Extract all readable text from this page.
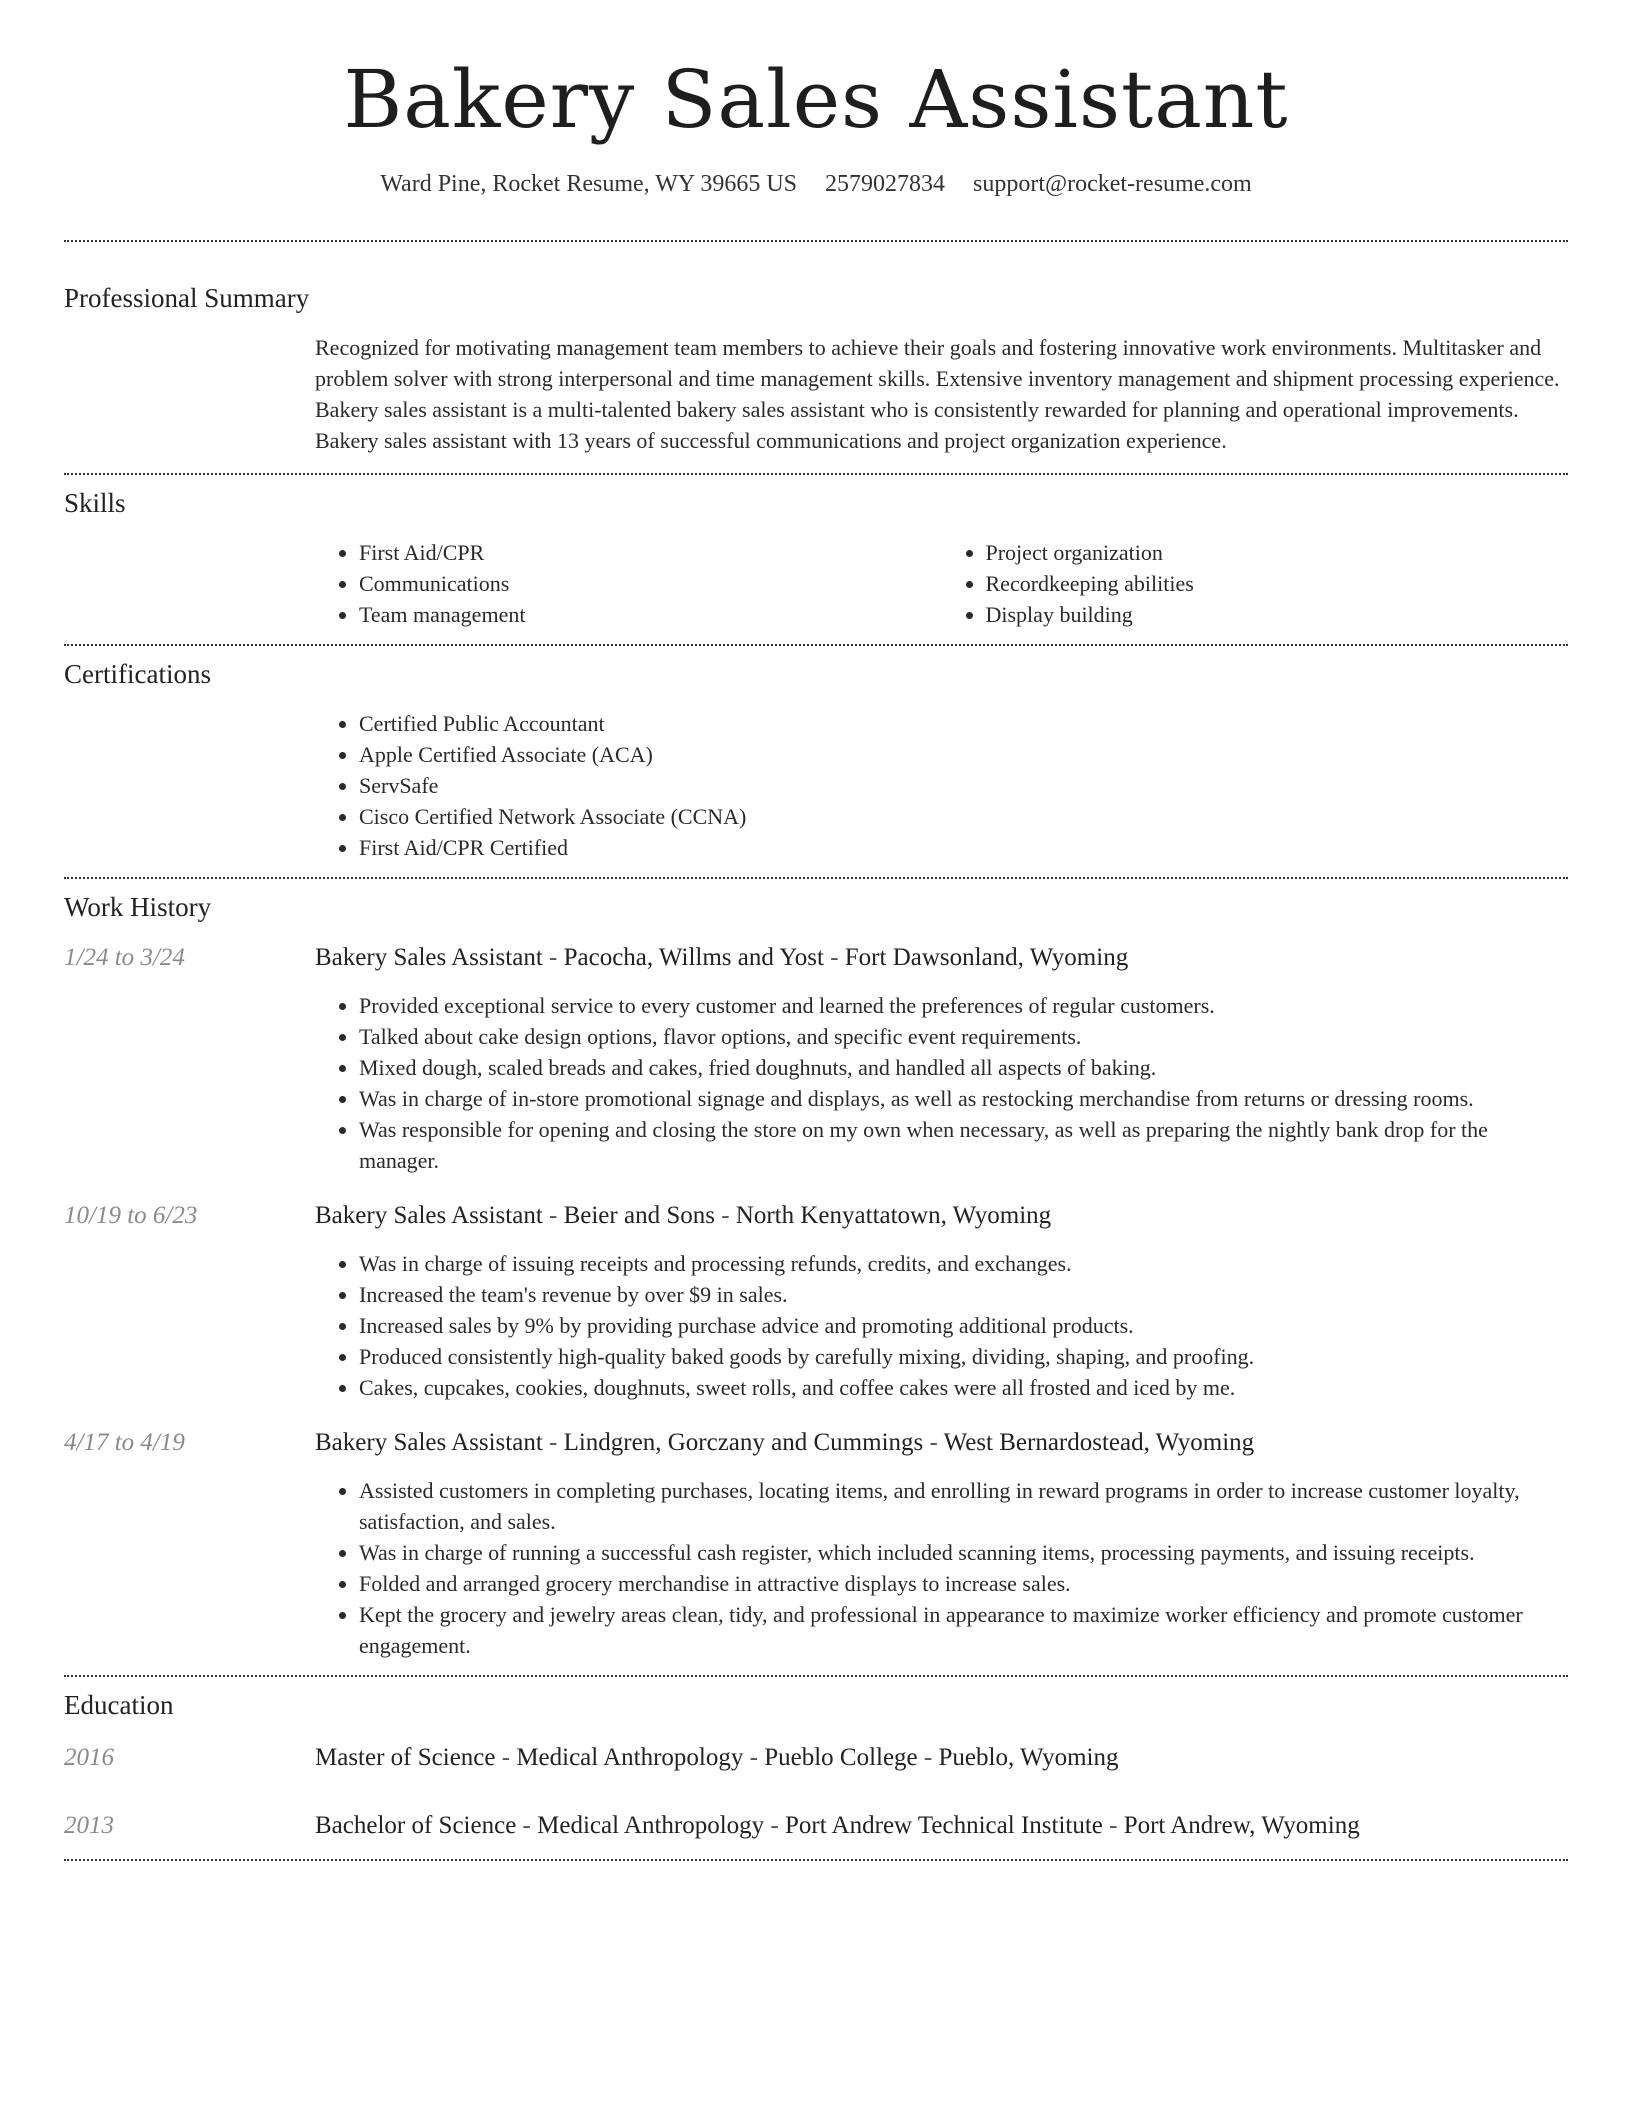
Bakery Sales Assistant
Ward Pine, Rocket Resume, WY 39665 US 2579027834 support@rocket-resume.com
Professional Summary

Recognized for motivating management team members to achieve their goals and fostering innovative work environments. Multitasker and problem solver with strong interpersonal and time management skills. Extensive inventory management and shipment processing experience. Bakery sales assistant is a multi-talented bakery sales assistant who is consistently rewarded for planning and operational improvements. Bakery sales assistant with 13 years of successful communications and project organization experience.

Skills
• First Aid/CPR
• Communications
• Team management
• Project organization
• Recordkeeping abilities
• Display building
Certifications
• Certified Public Accountant
• Apple Certified Associate (ACA)
• ServSafe
• Cisco Certified Network Associate (CCNA)
• First Aid/CPR Certified
Work History
1/24 to 3/24	Bakery Sales Assistant - Pacocha, Willms and Yost - Fort Dawsonland, Wyoming
• Provided exceptional service to every customer and learned the preferences of regular customers.
• Talked about cake design options, flavor options, and specific event requirements.
• Mixed dough, scaled breads and cakes, fried doughnuts, and handled all aspects of baking.
• Was in charge of in-store promotional signage and displays, as well as restocking merchandise from returns or dressing rooms.
• Was responsible for opening and closing the store on my own when necessary, as well as preparing the nightly bank drop for the manager.
10/19 to 6/23	Bakery Sales Assistant - Beier and Sons - North Kenyattatown, Wyoming
• Was in charge of issuing receipts and processing refunds, credits, and exchanges.
• Increased the team's revenue by over $9 in sales.
• Increased sales by 9% by providing purchase advice and promoting additional products.
• Produced consistently high-quality baked goods by carefully mixing, dividing, shaping, and proofing.
• Cakes, cupcakes, cookies, doughnuts, sweet rolls, and coffee cakes were all frosted and iced by me.
4/17 to 4/19	Bakery Sales Assistant - Lindgren, Gorczany and Cummings - West Bernardostead, Wyoming
• Assisted customers in completing purchases, locating items, and enrolling in reward programs in order to increase customer loyalty, satisfaction, and sales.
• Was in charge of running a successful cash register, which included scanning items, processing payments, and issuing receipts.
• Folded and arranged grocery merchandise in attractive displays to increase sales.
• Kept the grocery and jewelry areas clean, tidy, and professional in appearance to maximize worker efficiency and promote customer engagement.
Education
2016	Master of Science - Medical Anthropology - Pueblo College - Pueblo, Wyoming
2013	Bachelor of Science - Medical Anthropology - Port Andrew Technical Institute - Port Andrew, Wyoming
